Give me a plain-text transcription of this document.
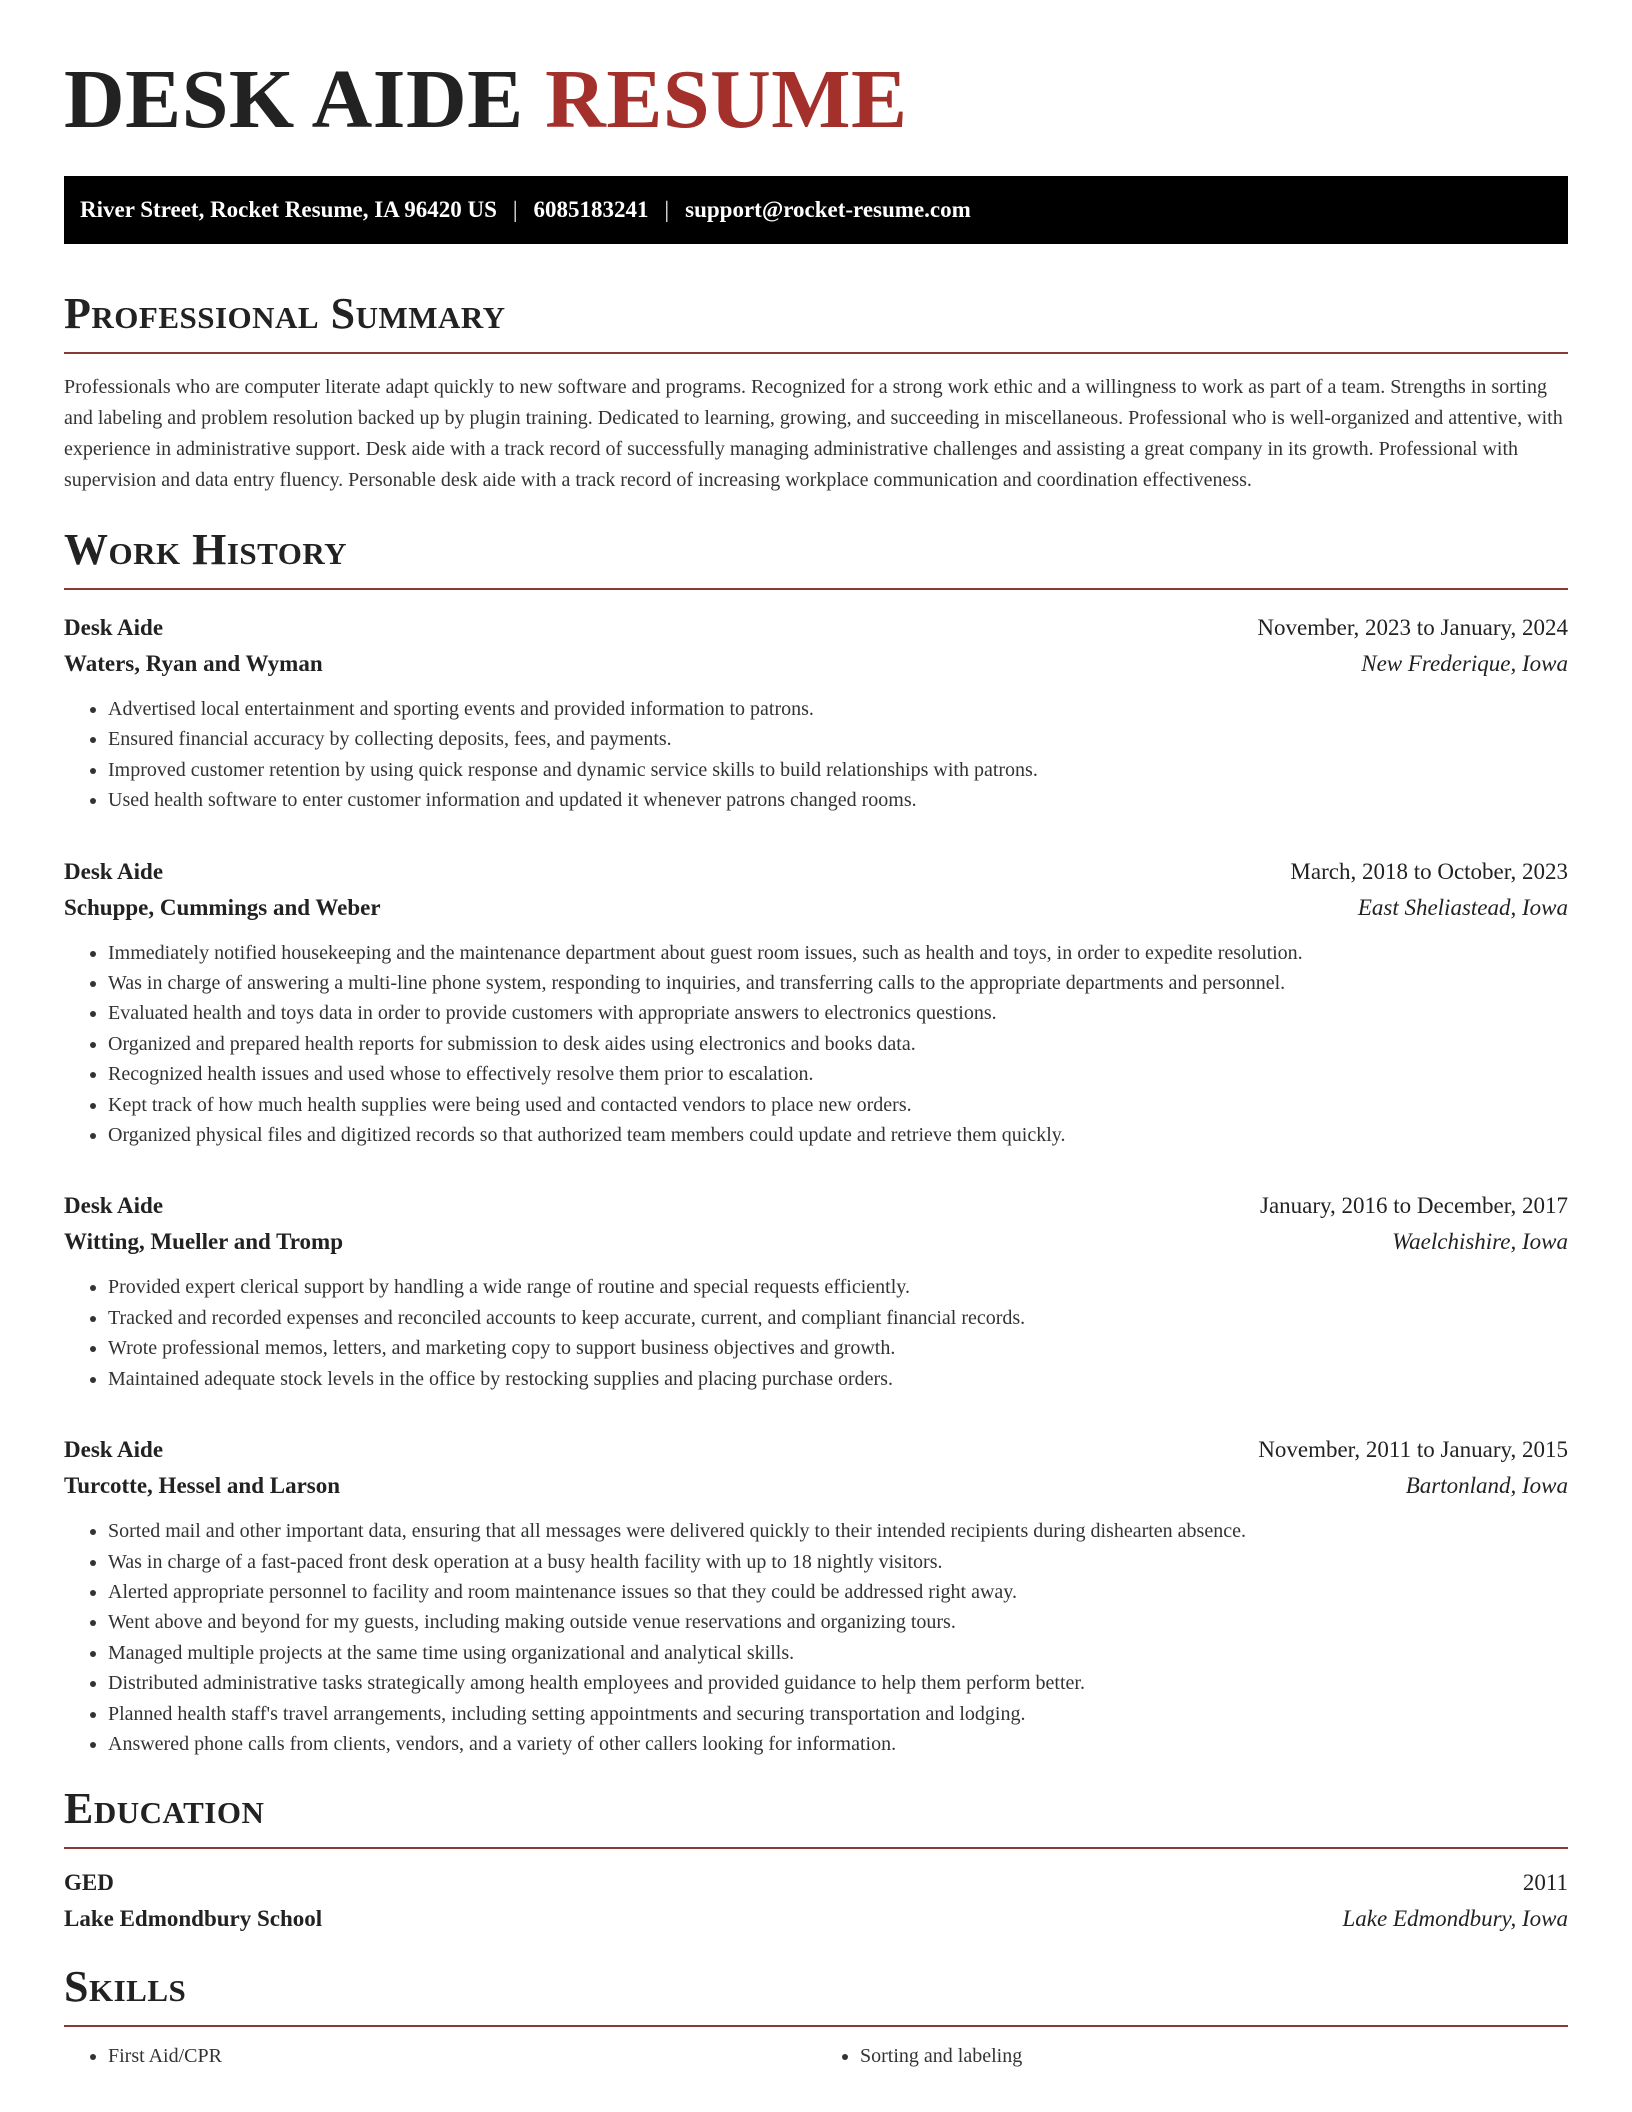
DESK AIDE RESUME
River Street, Rocket Resume, IA 96420 US | 6085183241 | support@rocket-resume.com
Professional Summary

Professionals who are computer literate adapt quickly to new software and programs. Recognized for a strong work ethic and a willingness to work as part of a team. Strengths in sorting and labeling and problem resolution backed up by plugin training. Dedicated to learning, growing, and succeeding in miscellaneous. Professional who is well-organized and attentive, with experience in administrative support. Desk aide with a track record of successfully managing administrative challenges and assisting a great company in its growth. Professional with supervision and data entry fluency. Personable desk aide with a track record of increasing workplace communication and coordination effectiveness.

Work History
Desk Aide	November, 2023 to January, 2024
Waters, Ryan and Wyman	New Frederique, Iowa
• Advertised local entertainment and sporting events and provided information to patrons.
• Ensured financial accuracy by collecting deposits, fees, and payments.
• Improved customer retention by using quick response and dynamic service skills to build relationships with patrons.
• Used health software to enter customer information and updated it whenever patrons changed rooms.
Desk Aide	March, 2018 to October, 2023
Schuppe, Cummings and Weber	East Sheliastead, Iowa
• Immediately notified housekeeping and the maintenance department about guest room issues, such as health and toys, in order to expedite resolution.
• Was in charge of answering a multi-line phone system, responding to inquiries, and transferring calls to the appropriate departments and personnel.
• Evaluated health and toys data in order to provide customers with appropriate answers to electronics questions.
• Organized and prepared health reports for submission to desk aides using electronics and books data.
• Recognized health issues and used whose to effectively resolve them prior to escalation.
• Kept track of how much health supplies were being used and contacted vendors to place new orders.
• Organized physical files and digitized records so that authorized team members could update and retrieve them quickly.
Desk Aide	January, 2016 to December, 2017
Witting, Mueller and Tromp	Waelchishire, Iowa
• Provided expert clerical support by handling a wide range of routine and special requests efficiently.
• Tracked and recorded expenses and reconciled accounts to keep accurate, current, and compliant financial records.
• Wrote professional memos, letters, and marketing copy to support business objectives and growth.
• Maintained adequate stock levels in the office by restocking supplies and placing purchase orders.
Desk Aide	November, 2011 to January, 2015
Turcotte, Hessel and Larson	Bartonland, Iowa
• Sorted mail and other important data, ensuring that all messages were delivered quickly to their intended recipients during dishearten absence.
• Was in charge of a fast-paced front desk operation at a busy health facility with up to 18 nightly visitors.
• Alerted appropriate personnel to facility and room maintenance issues so that they could be addressed right away.
• Went above and beyond for my guests, including making outside venue reservations and organizing tours.
• Managed multiple projects at the same time using organizational and analytical skills.
• Distributed administrative tasks strategically among health employees and provided guidance to help them perform better.
• Planned health staff's travel arrangements, including setting appointments and securing transportation and lodging.
• Answered phone calls from clients, vendors, and a variety of other callers looking for information.
Education
GED	2011
Lake Edmondbury School	Lake Edmondbury, Iowa
Skills
• First Aid/CPR
•	Sorting and labeling
